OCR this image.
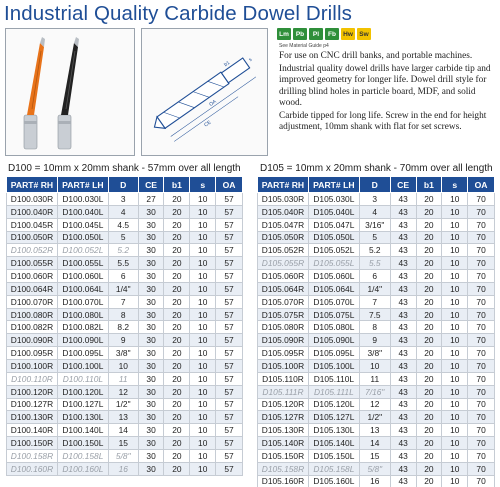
Industrial Quality Carbide Dowel Drills
OA
CE
b1
s
Lm	Pb	Pl	Fb	Hw Sw
See Material Guide p4

For use on CNC drill banks, and portable machines.

Industrial quality dowel drills have larger carbide tip and improved geometry for longer life. Dowel drill style for drilling blind holes in particle board, MDF, and solid wood.

Carbide tipped for long life. Screw in the end for height adjustment, 10mm shank with flat for set screws.

D100 = 10mm x 20mm shank - 57mm over all length D105 = 10mm x 20mm shank - 70mm over all length
PART# RH	PART# LH	D	CE	b1	s	OA
D100.030R	D100.030L	3	27	20	10	57
D100.040R	D100.040L	4	30	20	10	57
D100.045R	D100.045L	4.5	30	20	10	57
D100.050R	D100.050L	5	30	20	10	57
D100.052R	D100.052L	5.2	30	20	10	57
D100.055R	D100.055L	5.5	30	20	10	57
D100.060R	D100.060L	6	30	20	10	57
D100.064R	D100.064L	1/4"	30	20	10	57
D100.070R	D100.070L	7	30	20	10	57
D100.080R	D100.080L	8	30	20	10	57
D100.082R	D100.082L	8.2	30	20	10	57
D100.090R	D100.090L	9	30	20	10	57
D100.095R	D100.095L	3/8"	30	20	10	57
D100.100R	D100.100L	10	30	20	10	57
D100.110R	D100.110L	11	30	20	10	57
D100.120R	D100.120L	12	30	20	10	57
D100.127R	D100.127L	1/2"	30	20	10	57
D100.130R	D100.130L	13	30	20	10	57
D100.140R	D100.140L	14	30	20	10	57
D100.150R	D100.150L	15	30	20	10	57
D100.158R	D100.158L	5/8"	30	20	10	57
D100.160R	D100.160L	16	30	20	10	57
PART# RH	PART# LH	D	CE	b1	s	OA
D105.030R	D105.030L	3	43	20	10	70
D105.040R	D105.040L	4	43	20	10	70
D105.047R	D105.047L	3/16"	43	20	10	70
D105.050R	D105.050L	5	43	20	10	70
D105.052R	D105.052L	5.2	43	20	10	70
D105.055R	D105.055L	5.5	43	20	10	70
D105.060R	D105.060L	6	43	20	10	70
D105.064R	D105.064L	1/4"	43	20	10	70
D105.070R	D105.070L	7	43	20	10	70
D105.075R	D105.075L	7.5	43	20	10	70
D105.080R	D105.080L	8	43	20	10	70
D105.090R	D105.090L	9	43	20	10	70
D105.095R	D105.095L	3/8"	43	20	10	70
D105.100R	D105.100L	10	43	20	10	70
D105.110R	D105.110L	11	43	20	10	70
D105.111R	D105.111L	7/16"	43	20	10	70
D105.120R	D105.120L	12	43	20	10	70
D105.127R	D105.127L	1/2"	43	20	10	70
D105.130R	D105.130L	13	43	20	10	70
D105.140R	D105.140L	14	43	20	10	70
D105.150R	D105.150L	15	43	20	10	70
D105.158R	D105.158L	5/8"	43	20	10	70
D105.160R	D105.160L	16	43	20	10	70
